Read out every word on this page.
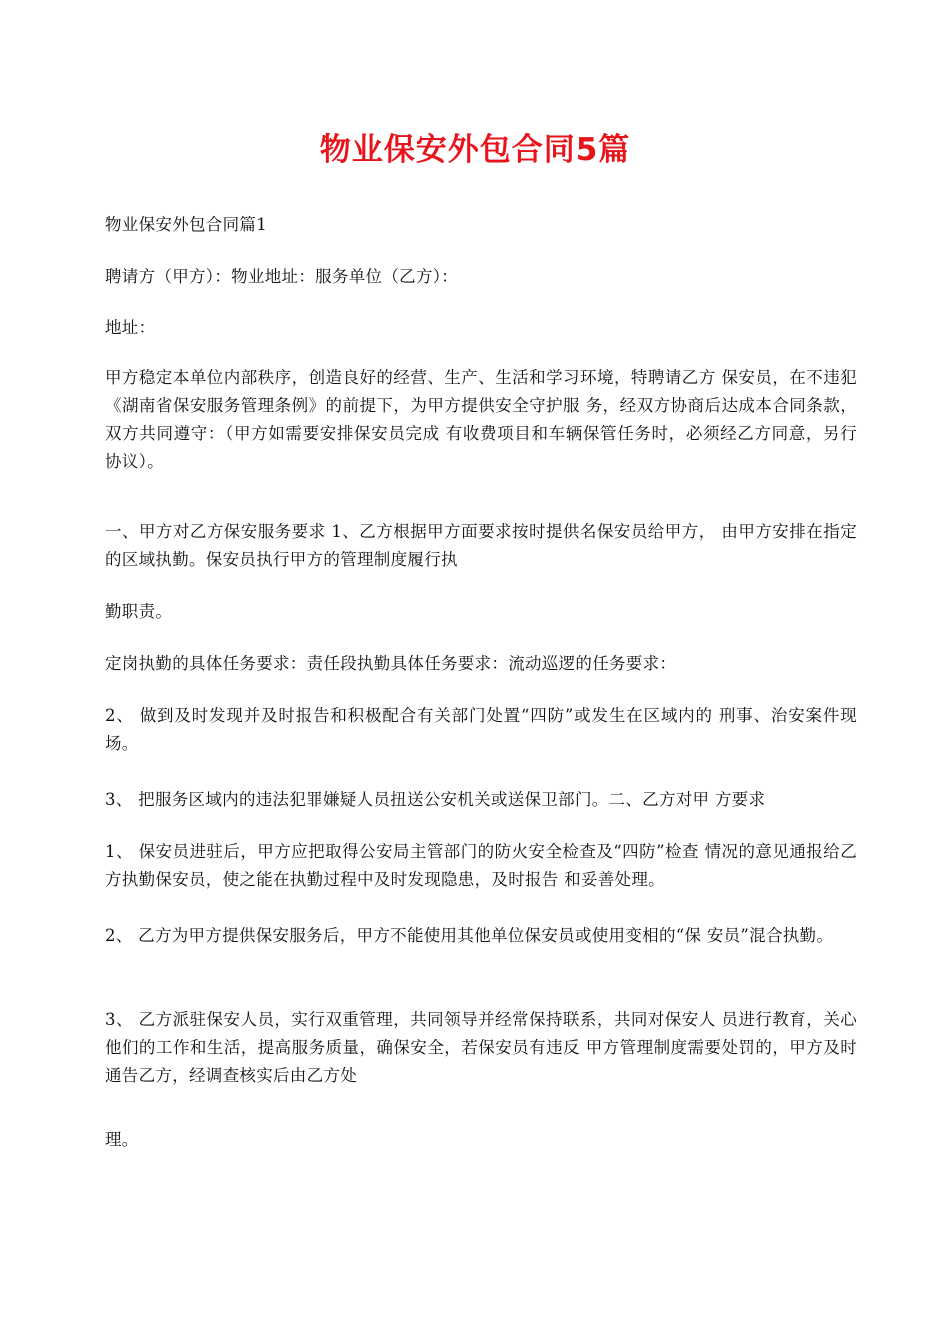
物业保安外包合同5篇

物业保安外包合同篇1

聘请方（甲方）：物业地址：服务单位（乙方）：

地址：

甲方稳定本单位内部秩序，创造良好的经营、生产、生活和学习环境，特聘请乙方 保安员，在不违犯《湖南省保安服务管理条例》的前提下，为甲方提供安全守护服 务，经双方协商后达成本合同条款，双方共同遵守：（甲方如需要安排保安员完成 有收费项目和车辆保管任务时，必须经乙方同意，另行协议）。

一、甲方对乙方保安服务要求 1、乙方根据甲方面要求按时提供名保安员给甲方， 由甲方安排在指定的区域执勤。保安员执行甲方的管理制度履行执

勤职责。

定岗执勤的具体任务要求：责任段执勤具体任务要求：流动巡逻的任务要求：

2、 做到及时发现并及时报告和积极配合有关部门处置“四防”或发生在区域内的 刑事、治安案件现场。

3、 把服务区域内的违法犯罪嫌疑人员扭送公安机关或送保卫部门。二、乙方对甲 方要求

1、 保安员进驻后，甲方应把取得公安局主管部门的防火安全检查及“四防”检查 情况的意见通报给乙方执勤保安员，使之能在执勤过程中及时发现隐患，及时报告 和妥善处理。

2、 乙方为甲方提供保安服务后，甲方不能使用其他单位保安员或使用变相的“保 安员”混合执勤。

3、 乙方派驻保安人员，实行双重管理，共同领导并经常保持联系，共同对保安人 员进行教育，关心他们的工作和生活，提高服务质量，确保安全，若保安员有违反 甲方管理制度需要处罚的，甲方及时通告乙方，经调查核实后由乙方处

理。
